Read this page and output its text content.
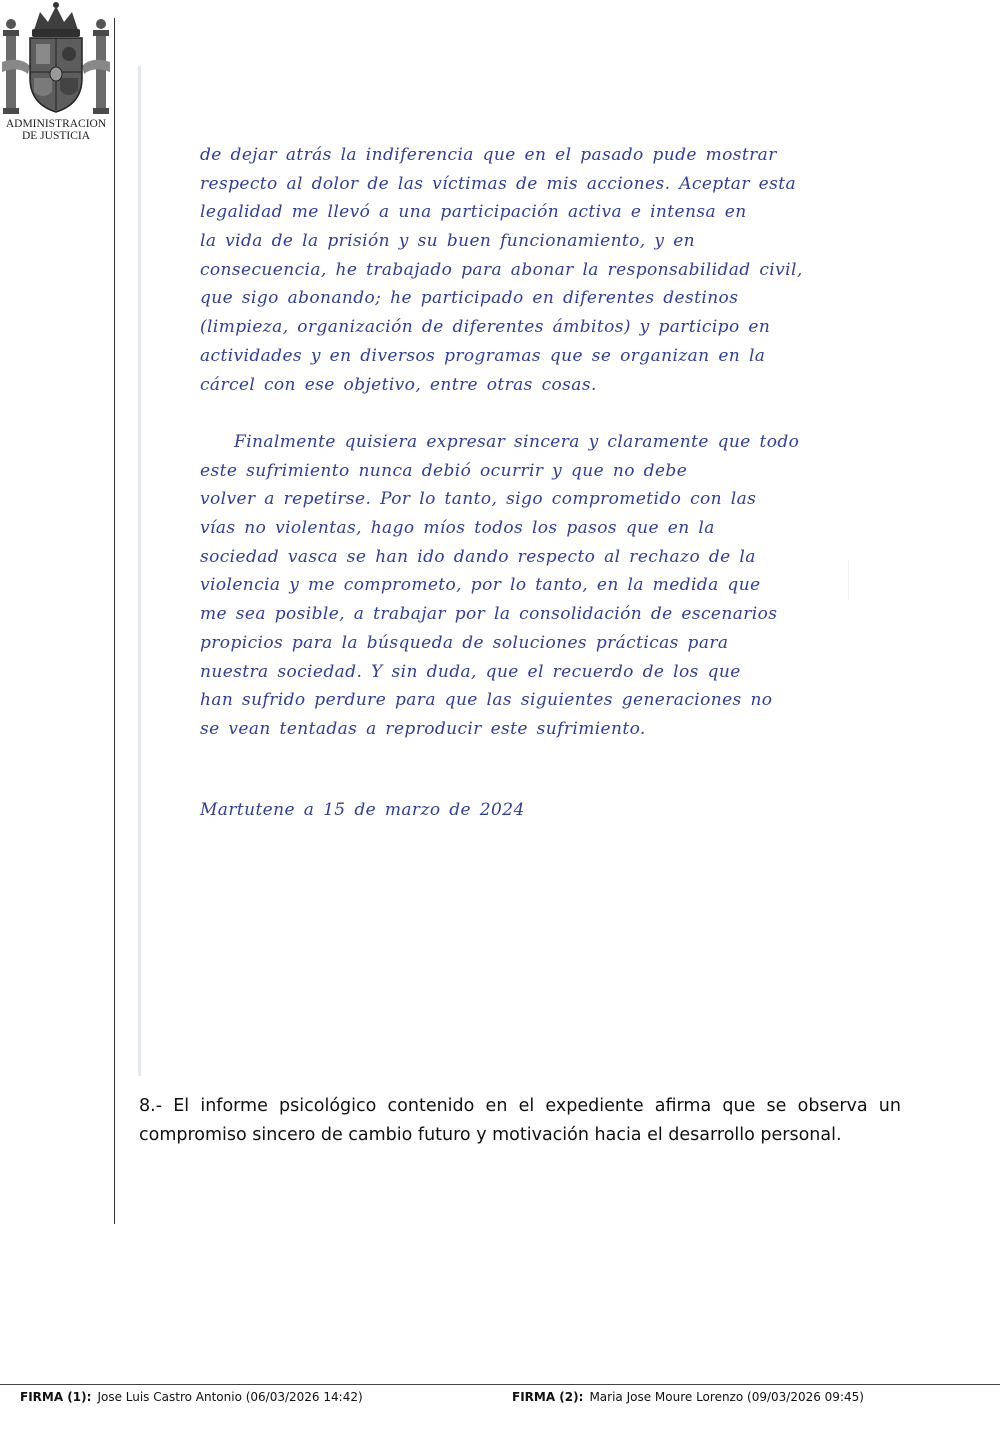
ADMINISTRACION
DE JUSTICIA
de dejar atrás la indiferencia que en el pasado pude mostrar
respecto al dolor de las víctimas de mis acciones. Aceptar esta
legalidad me llevó a una participación activa e intensa en
la vida de la prisión y su buen funcionamiento, y en
consecuencia, he trabajado para abonar la responsabilidad civil,
que sigo abonando; he participado en diferentes destinos
(limpieza, organización de diferentes ámbitos) y participo en
actividades y en diversos programas que se organizan en la
cárcel con ese objetivo, entre otras cosas.
Finalmente quisiera expresar sincera y claramente que todo
este sufrimiento nunca debió ocurrir y que no debe
volver a repetirse. Por lo tanto, sigo comprometido con las
vías no violentas, hago míos todos los pasos que en la
sociedad vasca se han ido dando respecto al rechazo de la
violencia y me comprometo, por lo tanto, en la medida que
me sea posible, a trabajar por la consolidación de escenarios
propicios para la búsqueda de soluciones prácticas para
nuestra sociedad. Y sin duda, que el recuerdo de los que
han sufrido perdure para que las siguientes generaciones no
se vean tentadas a reproducir este sufrimiento.
Martutene a 15 de marzo de 2024

8.- El informe psicológico contenido en el expediente afirma que se observa un compromiso sincero de cambio futuro y motivación hacia el desarrollo personal.

FIRMA (1): Jose Luis Castro Antonio (06/03/2026 14:42)	FIRMA (2): Maria Jose Moure Lorenzo (09/03/2026 09:45)
